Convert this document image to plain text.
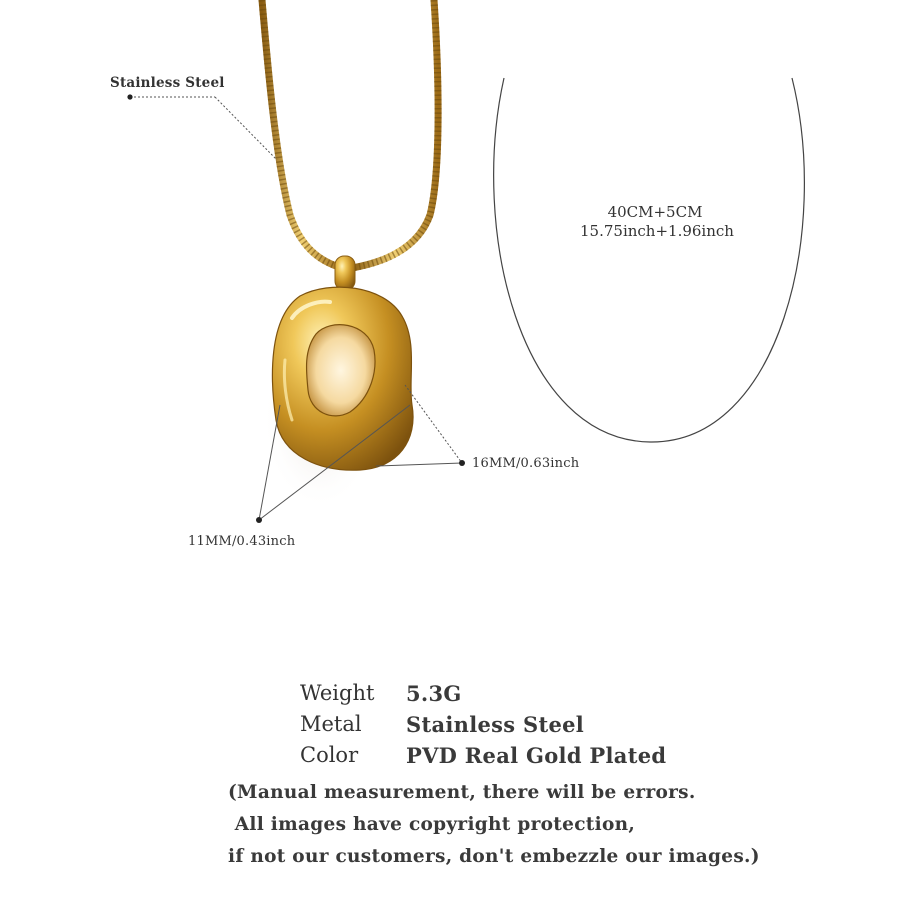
Stainless Steel
16MM/0.63inch
11MM/0.43inch
40CM+5CM
15.75inch+1.96inch
Weight	5.3G
Metal	Stainless Steel
Color	PVD Real Gold Plated
(Manual measurement, there will be errors.
All images have copyright protection,
if not our customers, don't embezzle our images.)
